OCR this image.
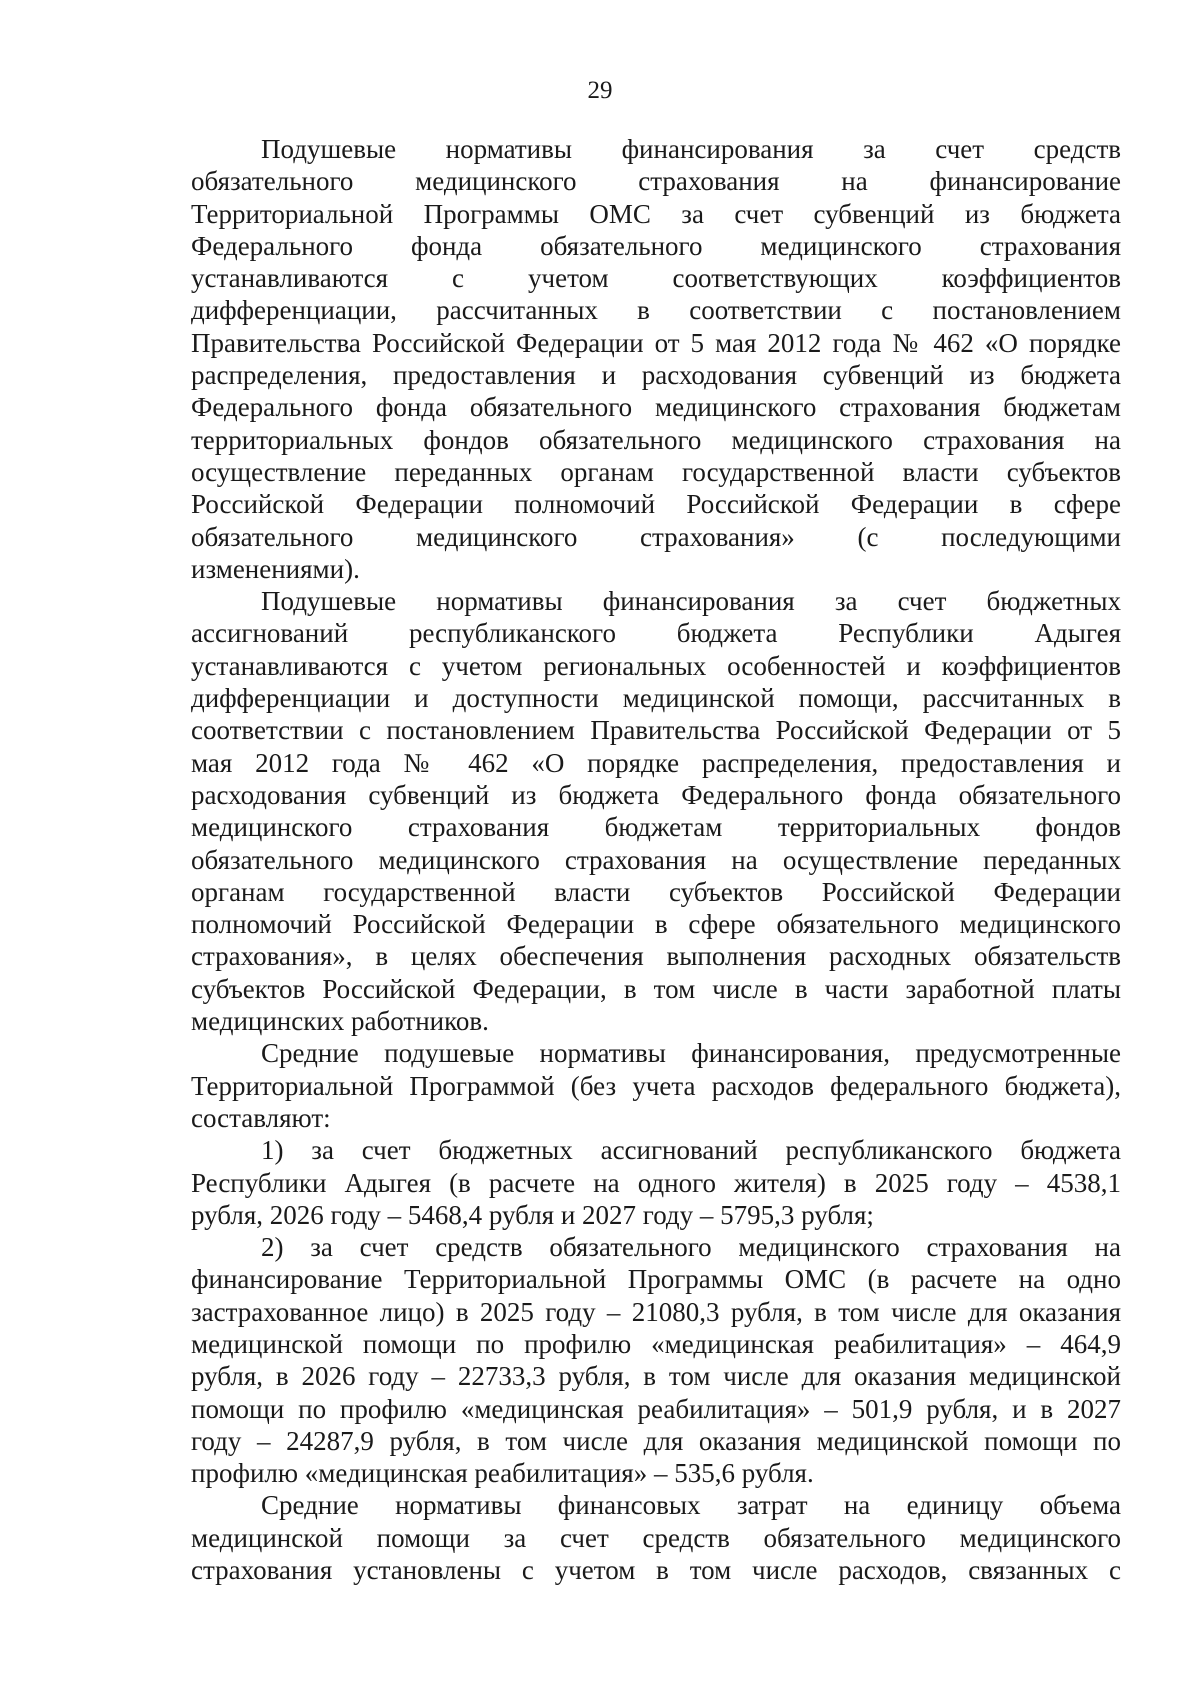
29

Подушевые нормативы финансирования за счет средств

обязательного медицинского страхования на финансирование

Территориальной Программы ОМС за счет субвенций из бюджета

Федерального фонда обязательного медицинского страхования

устанавливаются с учетом соответствующих коэффициентов

дифференциации, рассчитанных в соответствии с постановлением

Правительства Российской Федерации от 5 мая 2012 года № 462 «О порядке

распределения, предоставления и расходования субвенций из бюджета

Федерального фонда обязательного медицинского страхования бюджетам

территориальных фондов обязательного медицинского страхования на

осуществление переданных органам государственной власти субъектов

Российской Федерации полномочий Российской Федерации в сфере

обязательного медицинского страхования» (с последующими

изменениями).

Подушевые нормативы финансирования за счет бюджетных

ассигнований республиканского бюджета Республики Адыгея

устанавливаются с учетом региональных особенностей и коэффициентов

дифференциации и доступности медицинской помощи, рассчитанных в

соответствии с постановлением Правительства Российской Федерации от 5

мая 2012 года № 462 «О порядке распределения, предоставления и

расходования субвенций из бюджета Федерального фонда обязательного

медицинского страхования бюджетам территориальных фондов

обязательного медицинского страхования на осуществление переданных

органам государственной власти субъектов Российской Федерации

полномочий Российской Федерации в сфере обязательного медицинского

страхования», в целях обеспечения выполнения расходных обязательств

субъектов Российской Федерации, в том числе в части заработной платы

медицинских работников.

Средние подушевые нормативы финансирования, предусмотренные

Территориальной Программой (без учета расходов федерального бюджета),

составляют:

1) за счет бюджетных ассигнований республиканского бюджета

Республики Адыгея (в расчете на одного жителя) в 2025 году – 4538,1

рубля, 2026 году – 5468,4 рубля и 2027 году – 5795,3 рубля;

2) за счет средств обязательного медицинского страхования на

финансирование Территориальной Программы ОМС (в расчете на одно

застрахованное лицо) в 2025 году – 21080,3 рубля, в том числе для оказания

медицинской помощи по профилю «медицинская реабилитация» – 464,9

рубля, в 2026 году – 22733,3 рубля, в том числе для оказания медицинской

помощи по профилю «медицинская реабилитация» – 501,9 рубля, и в 2027

году – 24287,9 рубля, в том числе для оказания медицинской помощи по

профилю «медицинская реабилитация» – 535,6 рубля.

Средние нормативы финансовых затрат на единицу объема

медицинской помощи за счет средств обязательного медицинского

страхования установлены с учетом в том числе расходов, связанных с
